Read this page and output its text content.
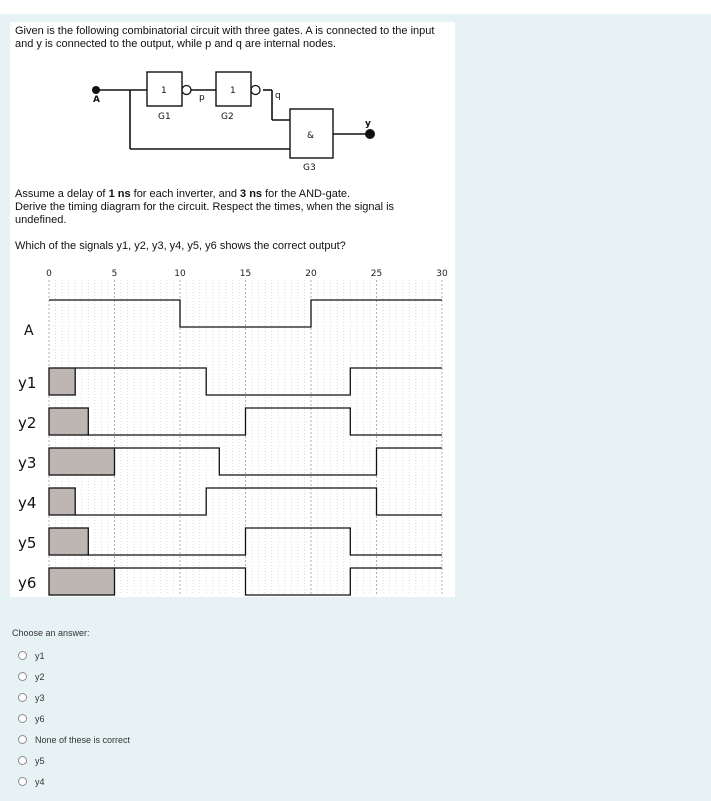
Given is the following combinatorial circuit with three gates. A is connected to the input and y is connected to the output, while p and q are internal nodes.
A
y
1	1
&
p	q
G1	G2
G3
Assume a delay of 1 ns for each inverter, and 3 ns for the AND-gate.
Derive the timing diagram for the circuit. Respect the times, when the signal is undefined.
Which of the signals y1, y2, y3, y4, y5, y6 shows the correct output?
0	5	10	15	20	25	30
A
y1
y2
y3
y4
y5
y6
Choose an answer:
y1
y2
y3
y6
None of these is correct
y5
y4
